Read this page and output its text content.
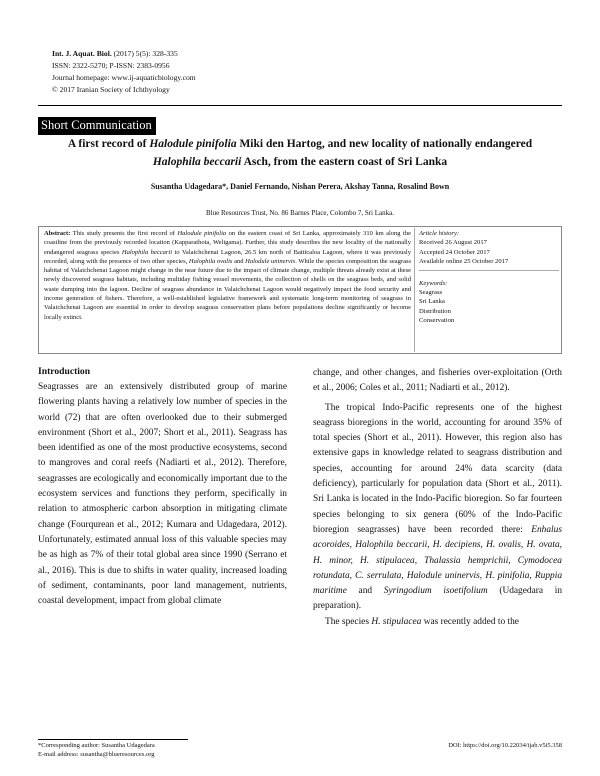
Int. J. Aquat. Biol. (2017) 5(5): 328-335
ISSN: 2322-5270; P-ISSN: 2383-0956
Journal homepage: www.ij-aquaticbiology.com
© 2017 Iranian Society of Ichthyology
Short Communication
A first record of Halodule pinifolia Miki den Hartog, and new locality of nationally endangered
Halophila beccarii Asch, from the eastern coast of Sri Lanka
Susantha Udagedara*, Daniel Fernando, Nishan Perera, Akshay Tanna, Rosalind Bown
Blue Resources Trust, No. 86 Barnes Place, Colombo 7, Sri Lanka.
Abstract: This study presents the first record of Halodule pinifolia on the eastern coast of Sri Lanka, approximately 310 km along the coastline from the previously recorded location (Kapparathota, Weligama). Further, this study describes the new locality of the nationally endangered seagrass species Halophila beccarii to Valaichchenai Lagoon, 26.5 km north of Batticaloa Lagoon, where it was previously recorded, along with the presence of two other species, Halophila ovalis and Halodule uninervis. While the species composition the seagrass habitat of Valaichchenai Lagoon might change in the near future due to the impact of climate change, multiple threats already exist at these newly discovered seagrass habitats, including multiday fishing vessel movements, the collection of shells on the seagrass beds, and solid waste dumping into the lagoon. Decline of seagrass abundance in Valaichchenai Lagoon would negatively impact the food security and income generation of fishers. Therefore, a well-established legislative framework and systematic long-term monitoring of seagrass in Valaichchenai Lagoon are essential in order to develop seagrass conservation plans before populations decline significantly or become locally extinct.
Article history:
Received 26 August 2017
Accepted 24 October 2017
Available online 25 October 2017
Keywords:
Seagrass
Sri Lanka
Distribution
Conservation
Introduction

Seagrasses are an extensively distributed group of marine flowering plants having a relatively low number of species in the world (72) that are often overlooked due to their submerged environment (Short et al., 2007; Short et al., 2011). Seagrass has been identified as one of the most productive ecosystems, second to mangroves and coral reefs (Nadiarti et al., 2012). Therefore, seagrasses are ecologically and economically important due to the ecosystem services and functions they perform, specifically in relation to atmospheric carbon absorption in mitigating climate change (Fourqurean et al., 2012; Kumara and Udagedara, 2012). Unfortunately, estimated annual loss of this valuable species may be as high as 7% of their total global area since 1990 (Serrano et al., 2016). This is due to shifts in water quality, increased loading of sediment, contaminants, poor land management, nutrients, coastal development, impact from global climate

change, and other changes, and fisheries over-exploitation (Orth et al., 2006; Coles et al., 2011; Nadiarti et al., 2012).

The tropical Indo-Pacific represents one of the highest seagrass bioregions in the world, accounting for around 35% of total species (Short et al., 2011). However, this region also has extensive gaps in knowledge related to seagrass distribution and species, accounting for around 24% data scarcity (data deficiency), particularly for population data (Short et al., 2011). Sri Lanka is located in the Indo-Pacific bioregion. So far fourteen species belonging to six genera (60% of the Indo-Pacific bioregion seagrasses) have been recorded there: Enhalus acoroides, Halophila beccarii, H. decipiens, H. ovalis, H. ovata, H. minor, H. stipulacea, Thalassia hemprichii, Cymodocea rotundata, C. serrulata, Halodule uninervis, H. pinifolia, Ruppia maritime and Syringodium isoetifolium (Udagedara in preparation).

The species H. stipulacea was recently added to the

*Corresponding author: Susantha Udagedara
E-mail address: susantha@blueresources.org
DOI: https://doi.org/10.22034/ijab.v5i5.358
